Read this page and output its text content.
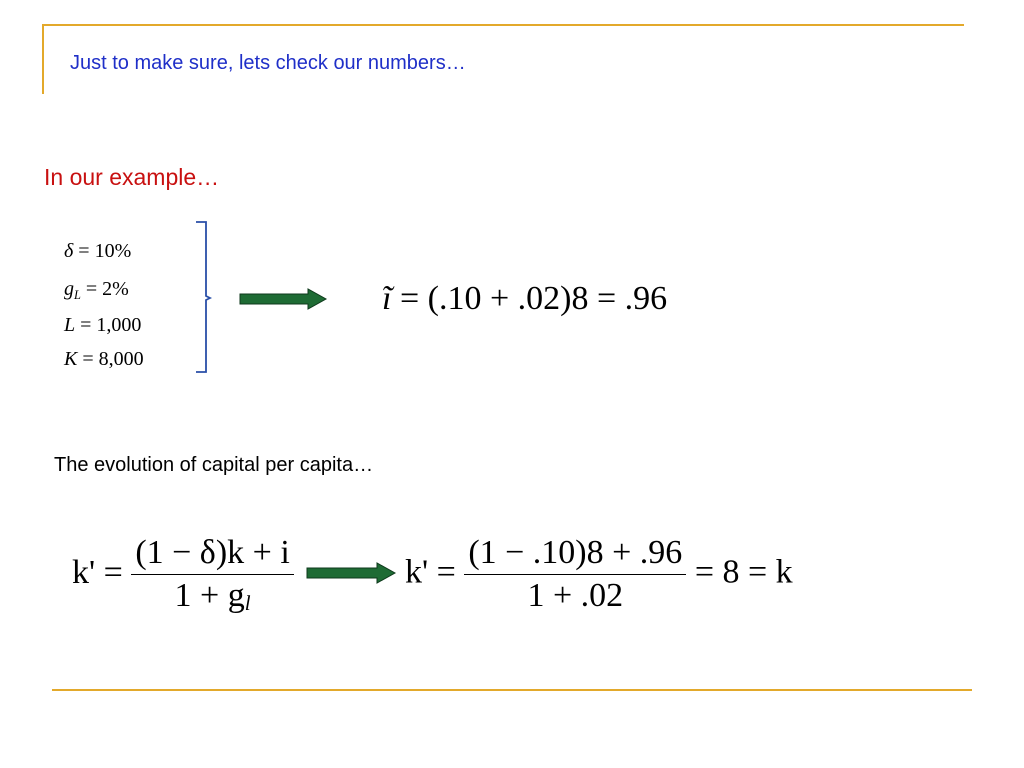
Just to make sure, lets check our numbers…
In our example…
δ = 10%
$g_L = 2\%$
L = 1,000
K = 8,000
ĩ = (.10 + .02)8 = .96
The evolution of capital per capita…
$k' = \frac{(1 - \delta)k + i}{1 + g_l}$	$k' = \frac{(1 - .10)8 + .96}{1 + .02} = 8 = k$
